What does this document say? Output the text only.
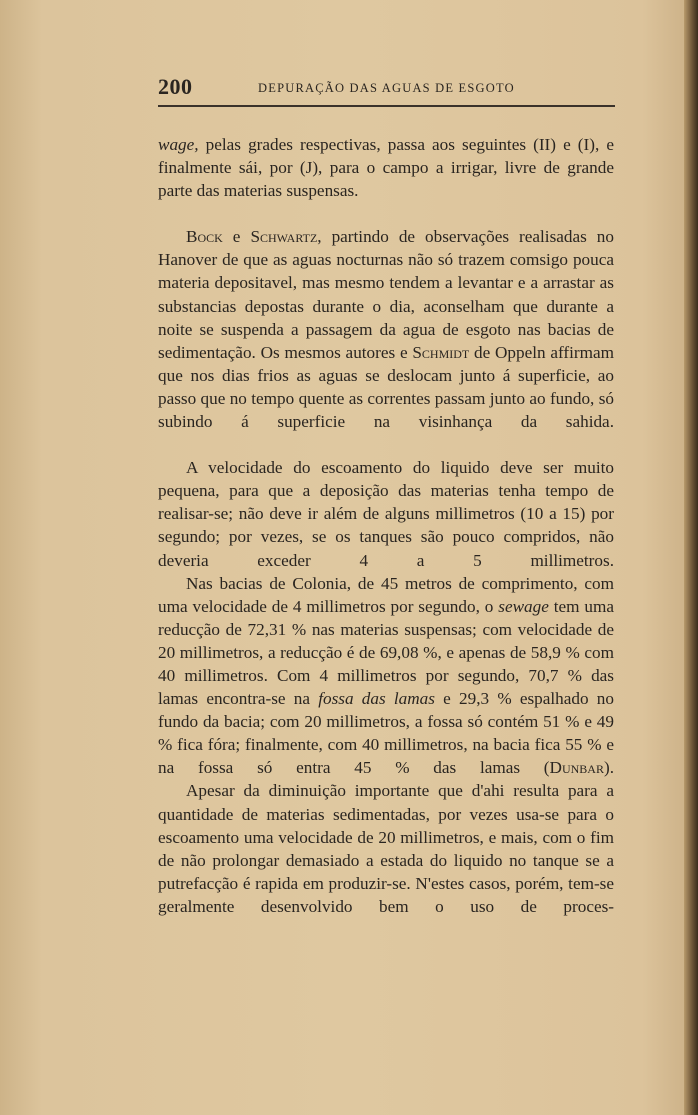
200	DEPURAÇÃO DAS AGUAS DE ESGOTO

wage, pelas grades respectivas, passa aos seguintes (II) e (I), e finalmente sái, por (J), para o campo a irrigar, livre de grande parte das materias suspensas.

Bock e Schwartz, partindo de observações realisadas no Hanover de que as aguas nocturnas não só trazem comsigo pouca materia depositavel, mas mesmo tendem a levantar e a arrastar as substancias depostas durante o dia, aconselham que durante a noite se suspenda a passagem da agua de esgoto nas bacias de sedimentação. Os mesmos autores e Schmidt de Oppeln affirmam que nos dias frios as aguas se deslocam junto á superficie, ao passo que no tempo quente as correntes passam junto ao fundo, só subindo á superficie na visinhança da sahida.

A velocidade do escoamento do liquido deve ser muito pequena, para que a deposição das materias tenha tempo de realisar-se; não deve ir além de alguns millimetros (10 a 15) por segundo; por vezes, se os tanques são pouco compridos, não deveria exceder 4 a 5 millimetros.

Nas bacias de Colonia, de 45 metros de comprimento, com uma velocidade de 4 millimetros por segundo, o sewage tem uma reducção de 72,31 % nas materias suspensas; com velocidade de 20 millimetros, a reducção é de 69,08 %, e apenas de 58,9 % com 40 millimetros. Com 4 millimetros por segundo, 70,7 % das lamas encontra-se na fossa das lamas e 29,3 % espalhado no fundo da bacia; com 20 millimetros, a fossa só contém 51 % e 49 % fica fóra; finalmente, com 40 millimetros, na bacia fica 55 % e na fossa só entra 45 % das lamas (Dunbar).

Apesar da diminuição importante que d'ahi resulta para a quantidade de materias sedimentadas, por vezes usa-se para o escoamento uma velocidade de 20 millimetros, e mais, com o fim de não prolongar demasiado a estada do liquido no tanque se a putrefacção é rapida em produzir-se. N'estes casos, porém, tem-se geralmente desenvolvido bem o uso de proces-
